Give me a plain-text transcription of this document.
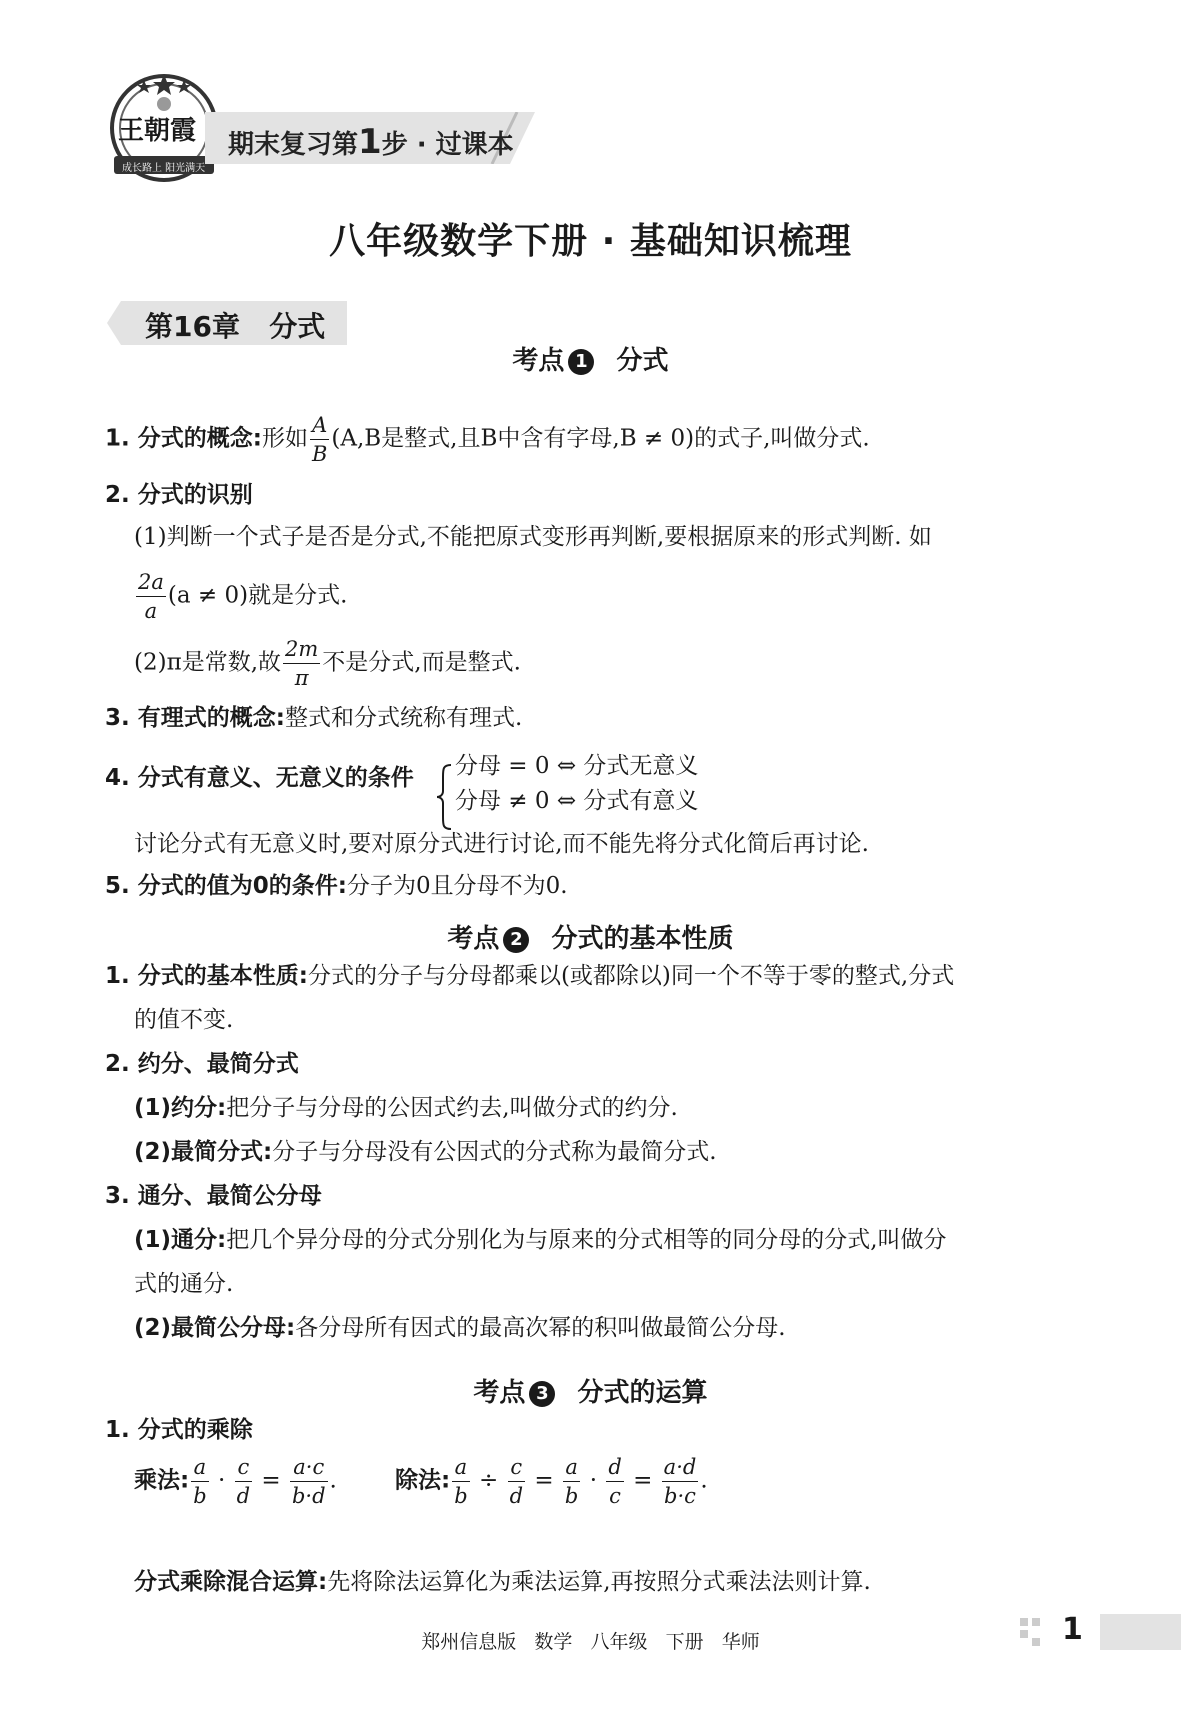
王朝霞
成长路上 阳光满天
期末复习第1步 · 过课本
八年级数学下册 · 基础知识梳理
第16章   分式
考点 1 分式
1. 分式的概念:形如 $\frac{A}{B} (A,B$是整式,且B中含有字母,B ≠ 0)的式子,叫做分式.
2. 分式的识别
(1)判断一个式子是否是分式,不能把原式变形再判断,要根据原来的形式判断. 如
$\frac{2a}{a} (a \ne 0)$就是分式.
(2)π是常数,故 $\frac{2m}{\pi}$ 不是分式,而是整式.
3. 有理式的概念:整式和分式统称有理式.
4. 分式有意义、无意义的条件 分母 = 0 ⇔ 分式无意义
分母 ≠ 0 ⇔ 分式有意义
讨论分式有无意义时,要对原分式进行讨论,而不能先将分式化简后再讨论.
5. 分式的值为0的条件:分子为0且分母不为0.
考点 2 分式的基本性质
1. 分式的基本性质:分式的分子与分母都乘以(或都除以)同一个不等于零的整式,分式
的值不变.
2. 约分、最简分式
(1)约分:把分子与分母的公因式约去,叫做分式的约分.
(2)最简分式:分子与分母没有公因式的分式称为最简分式.
3. 通分、最简公分母
(1)通分:把几个异分母的分式分别化为与原来的分式相等的同分母的分式,叫做分
式的通分.
(2)最简公分母:各分母所有因式的最高次幂的积叫做最简公分母.
考点 3 分式的运算
1. 分式的乘除
乘法: $\frac{a}{b} \cdot \frac{c}{d} = \frac{a\cdot c}{b\cdot d}$ .	除法: $\frac{a}{b} \div \frac{c}{d} = \frac{a}{b} \cdot \frac{d}{c} = \frac{a\cdot d}{b\cdot c}$ .
分式乘除混合运算:先将除法运算化为乘法运算,再按照分式乘法法则计算.
郑州信息版   数学   八年级   下册   华师	1
